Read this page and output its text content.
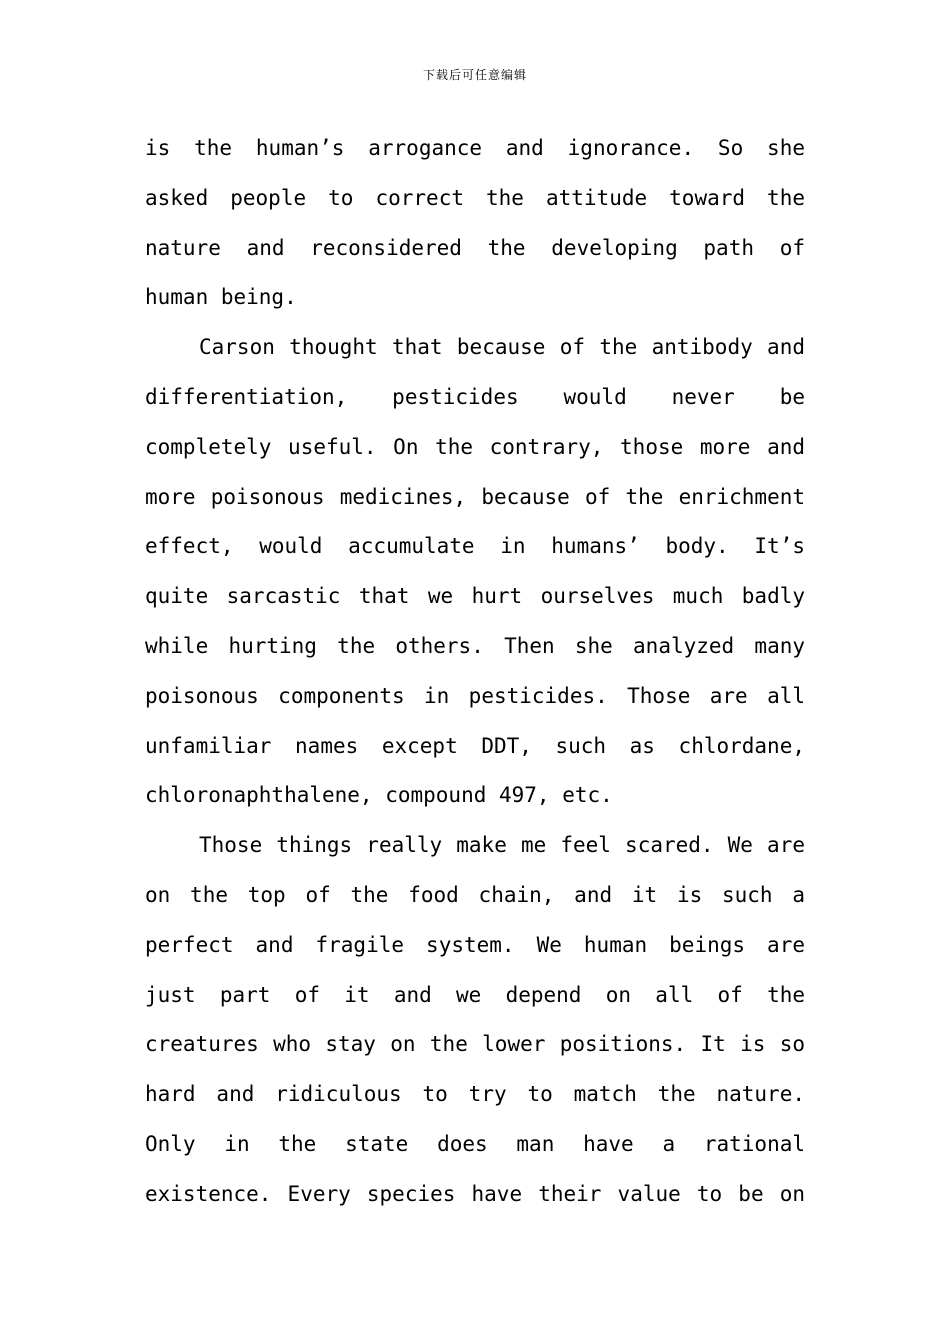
下载后可任意编辑
is the human’s arrogance and ignorance. So she
asked people to correct the attitude toward the
nature and reconsidered the developing path of
human being.
Carson thought that because of the antibody and
differentiation, pesticides would never be
completely useful. On the contrary, those more and
more poisonous medicines, because of the enrichment
effect, would accumulate in humans’ body. It’s
quite sarcastic that we hurt ourselves much badly
while hurting the others. Then she analyzed many
poisonous components in pesticides. Those are all
unfamiliar names except DDT, such as chlordane,
chloronaphthalene, compound 497, etc.
Those things really make me feel scared. We are
on the top of the food chain, and it is such a
perfect and fragile system. We human beings are
just part of it and we depend on all of the
creatures who stay on the lower positions. It is so
hard and ridiculous to try to match the nature.
Only in the state does man have a rational
existence. Every species have their value to be on
